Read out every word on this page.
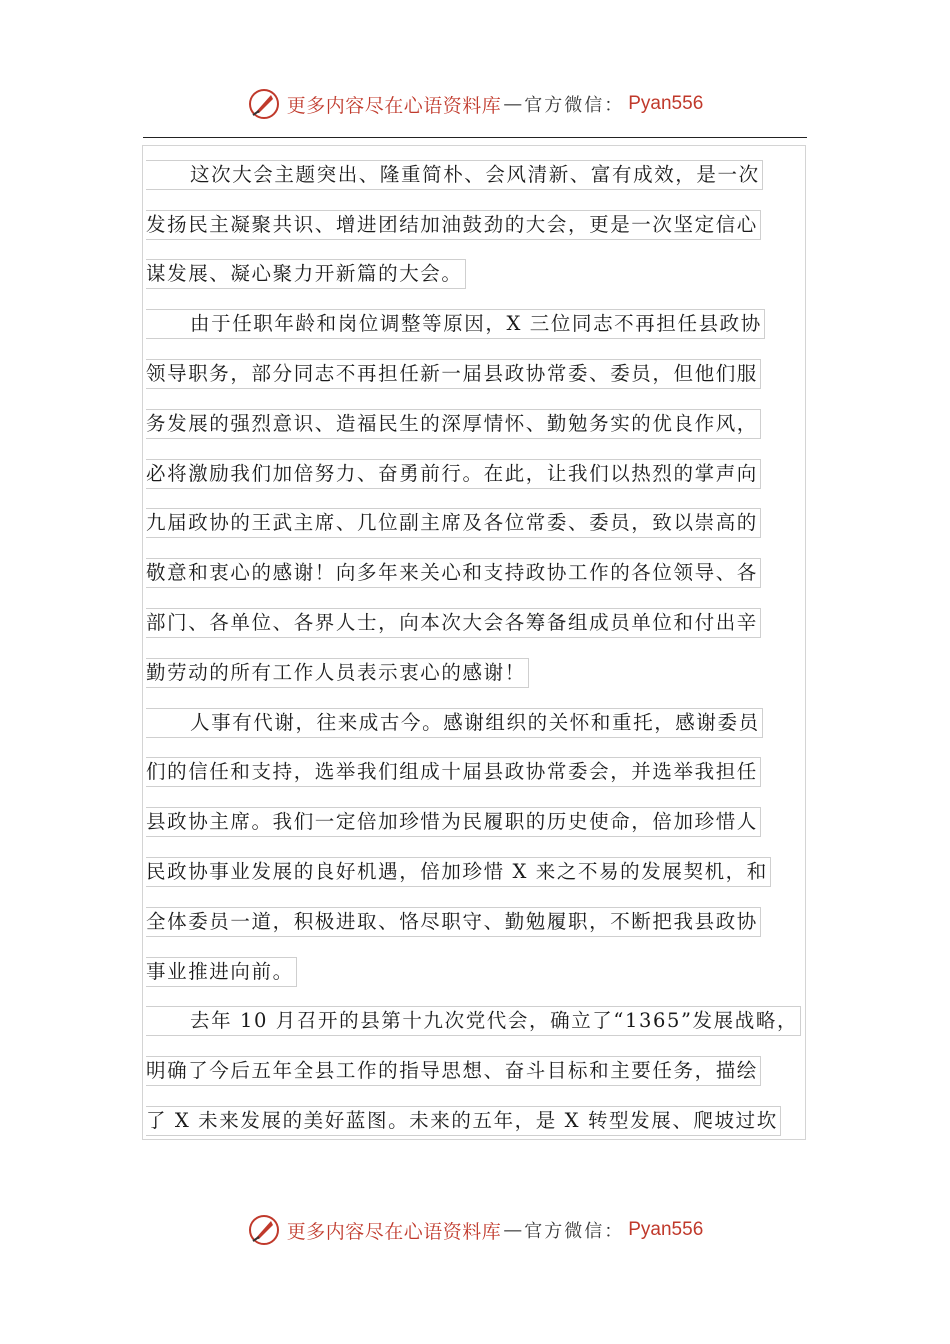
更多内容尽在心语资料库 — 官方微信： Pyan556
这次大会主题突出、隆重简朴、会风清新、富有成效，是一次
发扬民主凝聚共识、增进团结加油鼓劲的大会，更是一次坚定信心
谋发展、凝心聚力开新篇的大会。
由于任职年龄和岗位调整等原因，X 三位同志不再担任县政协
领导职务，部分同志不再担任新一届县政协常委、委员，但他们服
务发展的强烈意识、造福民生的深厚情怀、勤勉务实的优良作风，
必将激励我们加倍努力、奋勇前行。在此，让我们以热烈的掌声向
九届政协的王武主席、几位副主席及各位常委、委员，致以崇高的
敬意和衷心的感谢！向多年来关心和支持政协工作的各位领导、各
部门、各单位、各界人士，向本次大会各筹备组成员单位和付出辛
勤劳动的所有工作人员表示衷心的感谢！
人事有代谢，往来成古今。感谢组织的关怀和重托，感谢委员
们的信任和支持，选举我们组成十届县政协常委会，并选举我担任
县政协主席。我们一定倍加珍惜为民履职的历史使命，倍加珍惜人
民政协事业发展的良好机遇，倍加珍惜 X 来之不易的发展契机，和
全体委员一道，积极进取、恪尽职守、勤勉履职，不断把我县政协
事业推进向前。
去年 10 月召开的县第十九次党代会，确立了“1365”发展战略，
明确了今后五年全县工作的指导思想、奋斗目标和主要任务，描绘
了 X 未来发展的美好蓝图。未来的五年，是 X 转型发展、爬坡过坎
更多内容尽在心语资料库 — 官方微信： Pyan556
